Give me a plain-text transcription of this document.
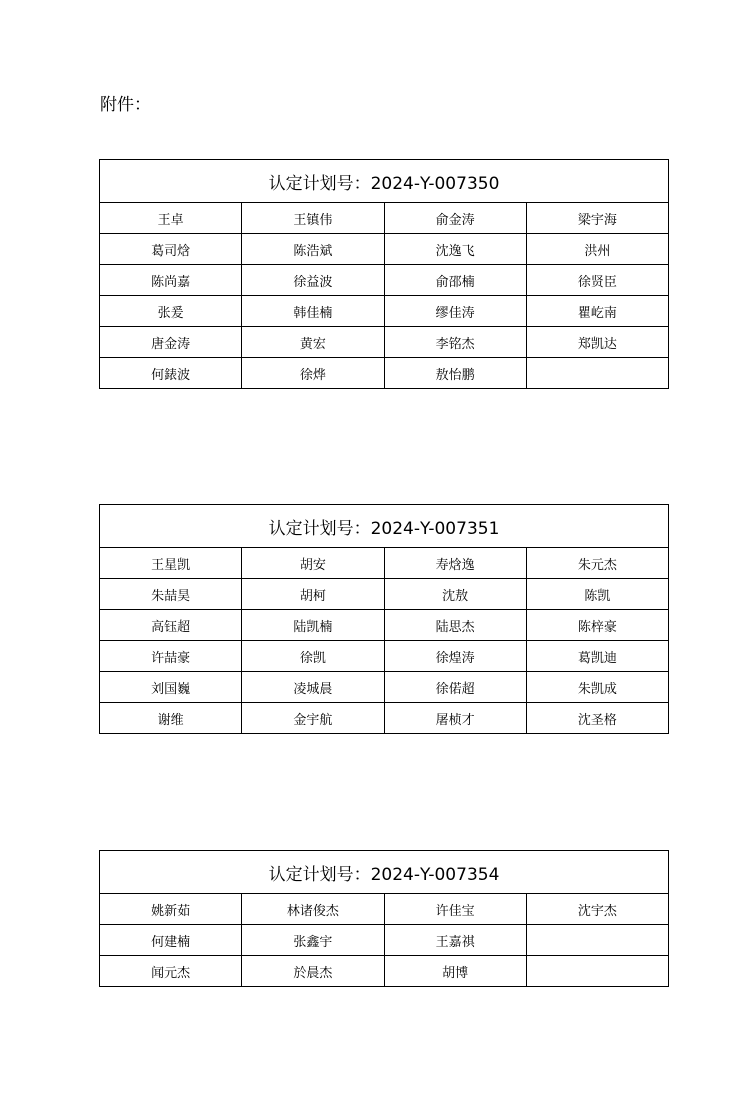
附件：
认定计划号：2024-Y-007350			
王卓	王镇伟	俞金涛	梁宇海
葛司焓	陈浩斌	沈逸飞	洪州
陈尚嘉	徐益波	俞邵楠	徐贤臣
张爰	韩佳楠	缪佳涛	瞿屹南
唐金涛	黄宏	李铭杰	郑凯达
何錶波	徐烨	敖怡鹏	
认定计划号：2024-Y-007351			
王星凯	胡安	寿焓逸	朱元杰
朱喆昊	胡柯	沈敖	陈凯
高钰超	陆凯楠	陆思杰	陈梓豪
许喆豪	徐凯	徐煌涛	葛凯迪
刘国巍	凌城晨	徐偌超	朱凯成
谢维	金宇航	屠桢才	沈圣格
认定计划号：2024-Y-007354			
姚新茹	林诸俊杰	许佳宝	沈宇杰
何建楠	张鑫宇	王嘉祺	
闻元杰	於晨杰	胡博	
